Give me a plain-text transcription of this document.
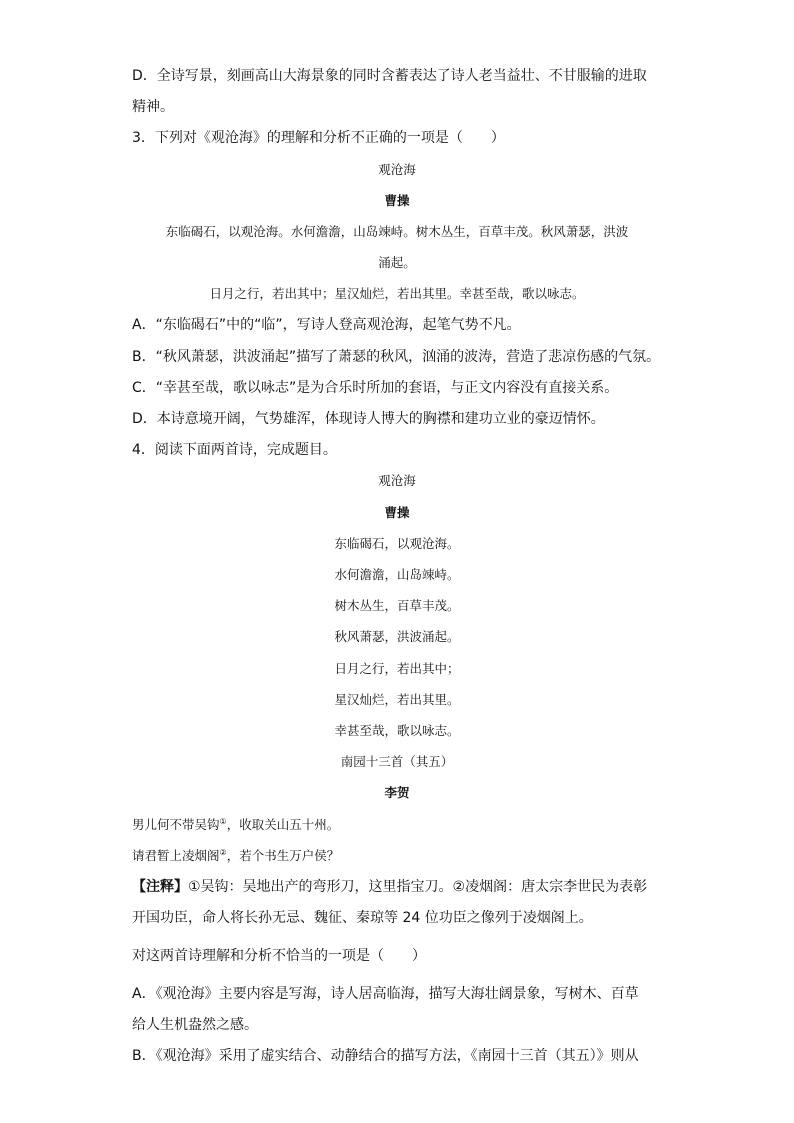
D．全诗写景，刻画高山大海景象的同时含蓄表达了诗人老当益壮、不甘服输的进取
精神。
3．下列对《观沧海》的理解和分析不正确的一项是（　　）
观沧海
曹操
东临碣石，以观沧海。水何澹澹，山岛竦峙。树木丛生，百草丰茂。秋风萧瑟，洪波
涌起。
日月之行，若出其中；星汉灿烂，若出其里。幸甚至哉，歌以咏志。
A．“东临碣石”中的“临”，写诗人登高观沧海，起笔气势不凡。
B．“秋风萧瑟，洪波涌起”描写了萧瑟的秋风，汹涌的波涛，营造了悲凉伤感的气氛。
C．“幸甚至哉，歌以咏志”是为合乐时所加的套语，与正文内容没有直接关系。
D．本诗意境开阔，气势雄浑，体现诗人博大的胸襟和建功立业的豪迈情怀。
4．阅读下面两首诗，完成题目。
观沧海
曹操
东临碣石，以观沧海。
水何澹澹，山岛竦峙。
树木丛生，百草丰茂。
秋风萧瑟，洪波涌起。
日月之行，若出其中；
星汉灿烂，若出其里。
幸甚至哉，歌以咏志。
南园十三首（其五）
李贺
男儿何不带吴钩①，收取关山五十州。
请君暂上凌烟阁②，若个书生万户侯？
【注释】①吴钩：吴地出产的弯形刀，这里指宝刀。②凌烟阁：唐太宗李世民为表彰
开国功臣，命人将长孙无忌、魏征、秦琼等 24 位功臣之像列于凌烟阁上。
对这两首诗理解和分析不恰当的一项是（　　）
A．《观沧海》主要内容是写海，诗人居高临海，描写大海壮阔景象，写树木、百草
给人生机盎然之感。
B．《观沧海》采用了虚实结合、动静结合的描写方法，《南园十三首（其五）》则从
